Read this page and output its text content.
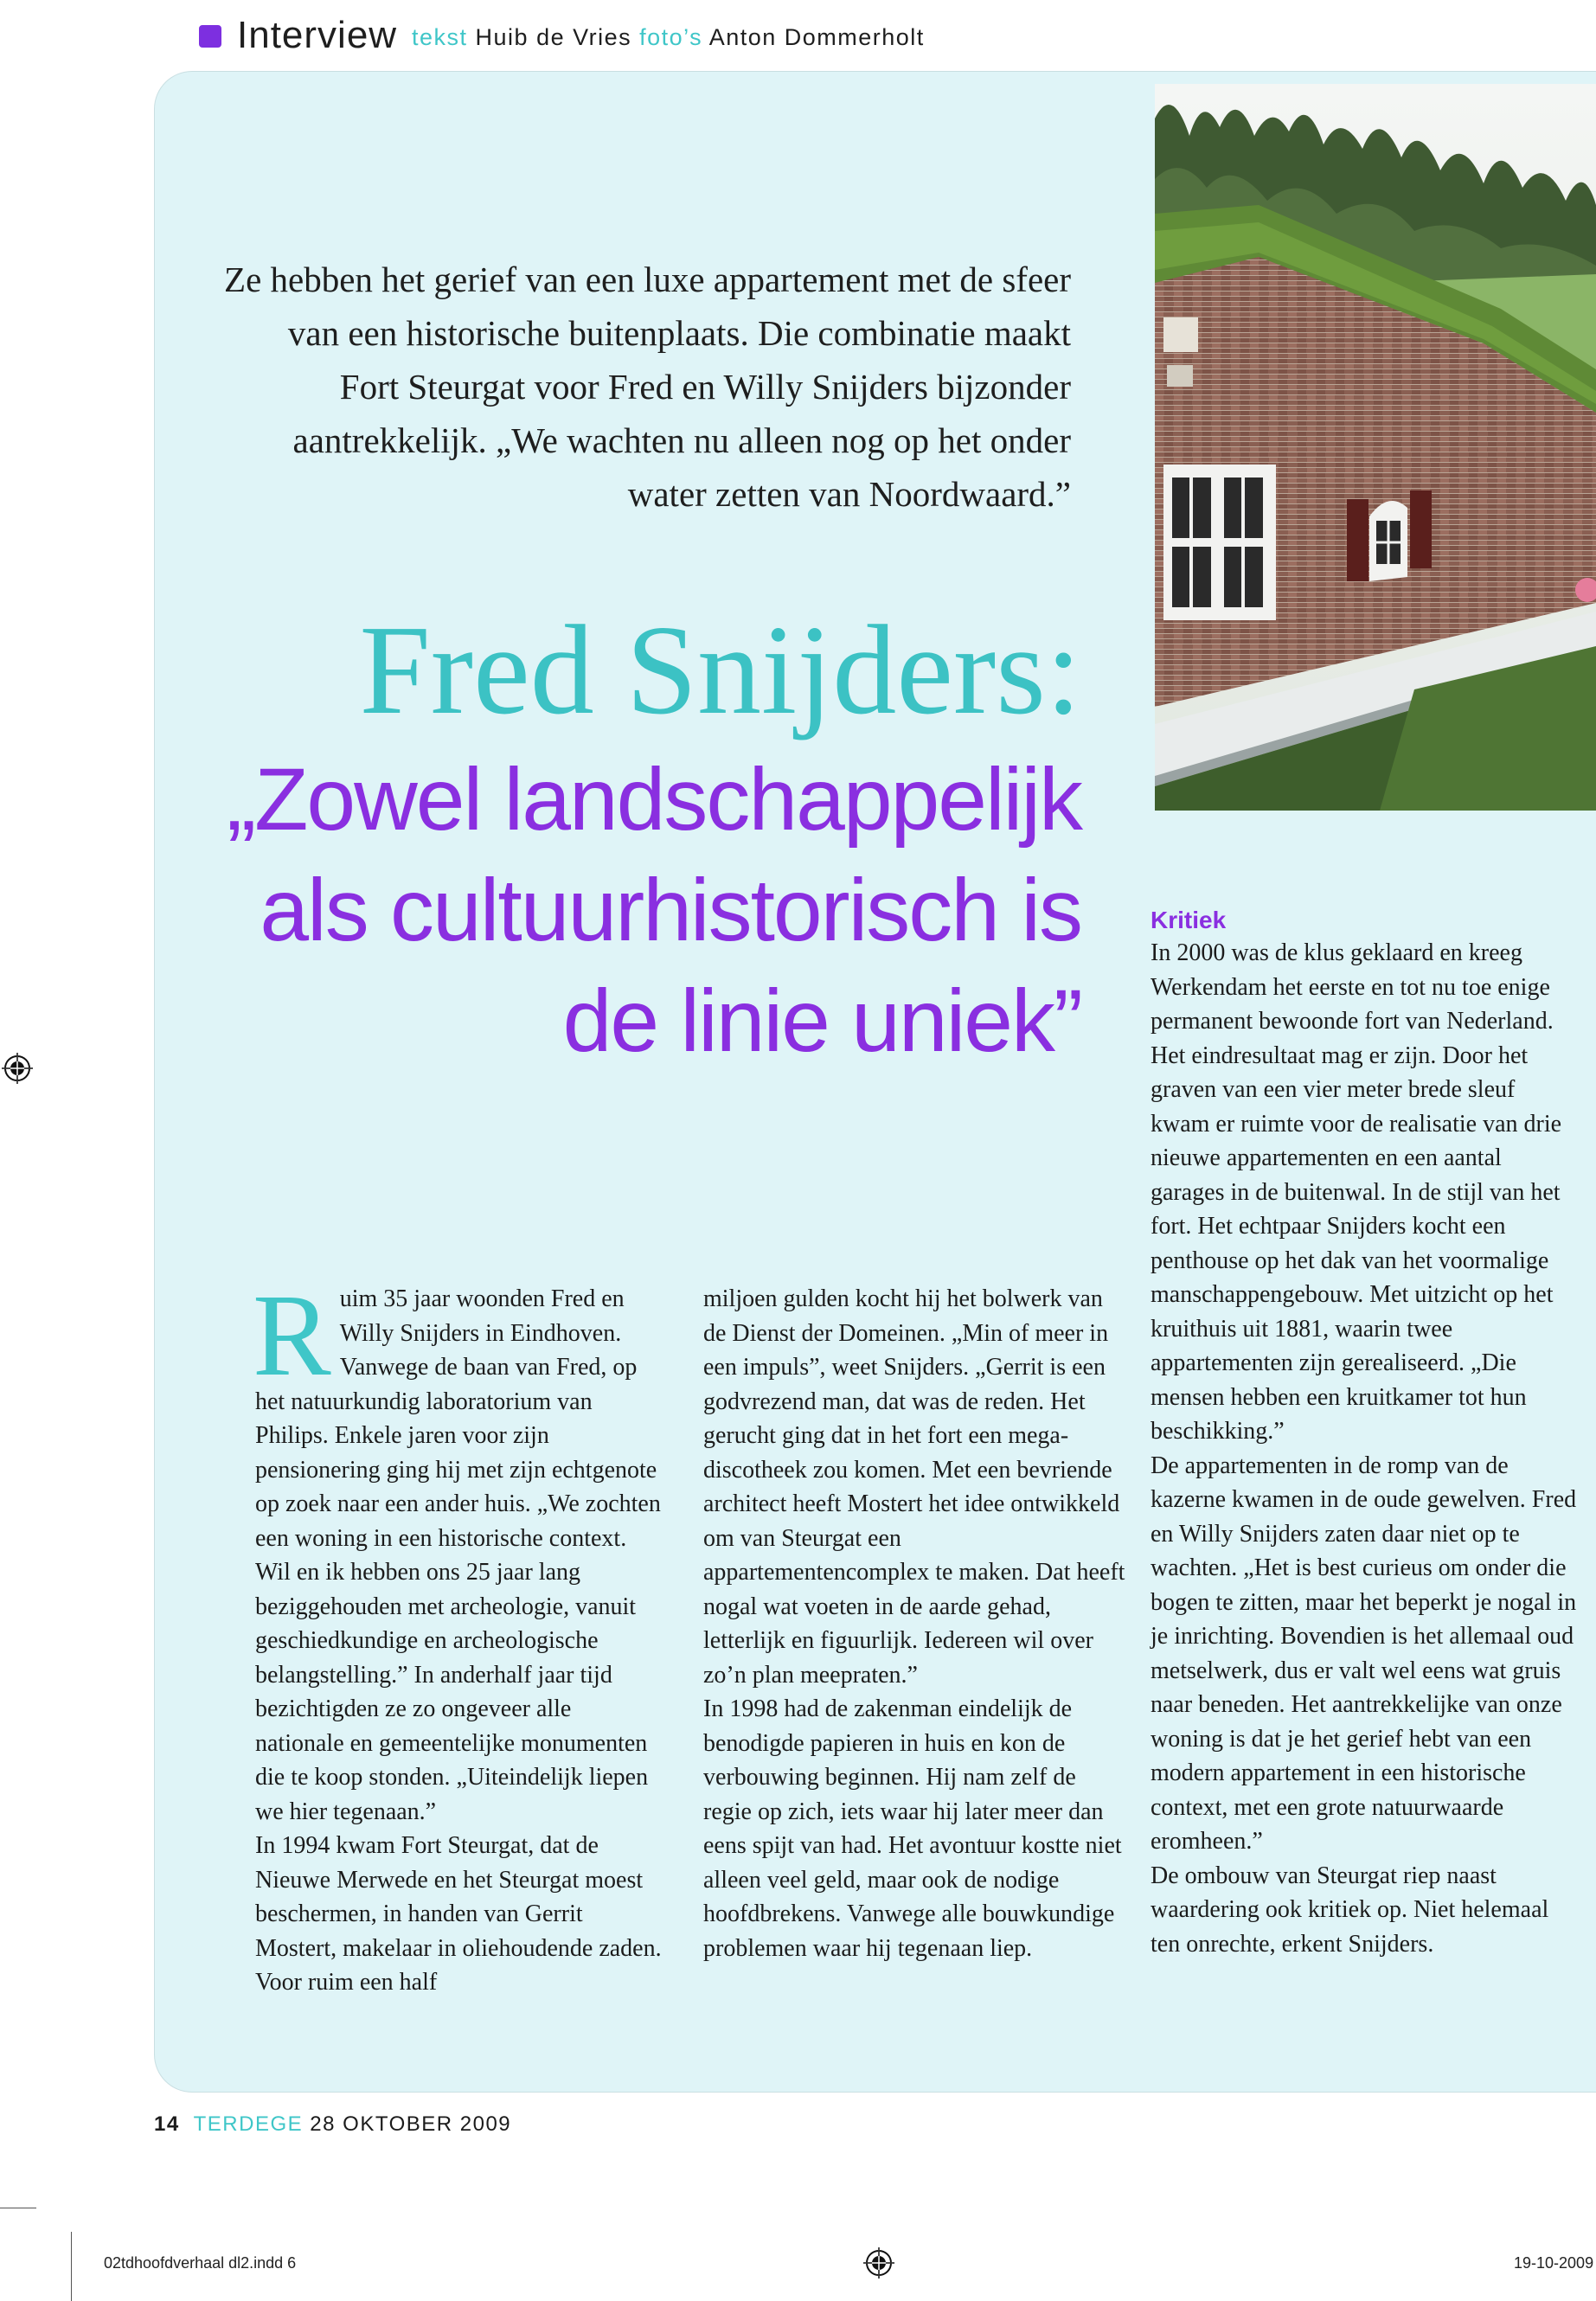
Interview tekst Huib de Vries foto’s Anton Dommerholt
Ze hebben het gerief van een luxe appartement met de sfeer van een historische buitenplaats. Die combinatie maakt Fort Steurgat voor Fred en Willy Snijders bijzonder aantrekkelijk. „We wachten nu alleen nog op het onder water zetten van Noordwaard.”
Fred Snijders:
„Zowel landschappelijk als cultuurhistorisch is de linie uniek”

Ruim 35 jaar woonden Fred en Willy Snijders in Eindhoven. Vanwege de baan van Fred, op het natuurkundig laboratorium van Philips. Enkele jaren voor zijn pensionering ging hij met zijn echtgenote op zoek naar een ander huis. „We zochten een woning in een historische context. Wil en ik hebben ons 25 jaar lang beziggehouden met archeologie, vanuit geschiedkundige en archeologische belangstelling.” In anderhalf jaar tijd bezichtigden ze zo ongeveer alle nationale en gemeentelijke monumenten die te koop stonden. „Uiteindelijk liepen we hier tegenaan.”

In 1994 kwam Fort Steurgat, dat de Nieuwe Merwede en het Steurgat moest beschermen, in handen van Gerrit Mostert, makelaar in oliehoudende zaden. Voor ruim een half

miljoen gulden kocht hij het bolwerk van de Dienst der Domeinen. „Min of meer in een impuls”, weet Snijders. „Gerrit is een godvrezend man, dat was de reden. Het gerucht ging dat in het fort een mega-discotheek zou komen. Met een bevriende architect heeft Mostert het idee ontwikkeld om van Steurgat een appartementencomplex te maken. Dat heeft nogal wat voeten in de aarde gehad, letterlijk en figuurlijk. Iedereen wil over zo’n plan meepraten.”

In 1998 had de zakenman eindelijk de benodigde papieren in huis en kon de verbouwing beginnen. Hij nam zelf de regie op zich, iets waar hij later meer dan eens spijt van had. Het avontuur kostte niet alleen veel geld, maar ook de nodige hoofdbrekens. Vanwege alle bouwkundige problemen waar hij tegenaan liep.

Kritiek

In 2000 was de klus geklaard en kreeg Werkendam het eerste en tot nu toe enige permanent bewoonde fort van Nederland. Het eindresultaat mag er zijn. Door het graven van een vier meter brede sleuf kwam er ruimte voor de realisatie van drie nieuwe appartementen en een aantal garages in de buitenwal. In de stijl van het fort. Het echtpaar Snijders kocht een penthouse op het dak van het voormalige manschappengebouw. Met uitzicht op het kruithuis uit 1881, waarin twee appartementen zijn gerealiseerd. „Die mensen hebben een kruitkamer tot hun beschikking.”

De appartementen in de romp van de kazerne kwamen in de oude gewelven. Fred en Willy Snijders zaten daar niet op te wachten. „Het is best curieus om onder die bogen te zitten, maar het beperkt je nogal in je inrichting. Bovendien is het allemaal oud metselwerk, dus er valt wel eens wat gruis naar beneden. Het aantrekkelijke van onze woning is dat je het gerief hebt van een modern appartement in een historische context, met een grote natuurwaarde eromheen.”

De ombouw van Steurgat riep naast waardering ook kritiek op. Niet helemaal ten onrechte, erkent Snijders.

14 TERDEGE 28 OKTOBER 2009
02tdhoofdverhaal dl2.indd 6	19-10-2009
